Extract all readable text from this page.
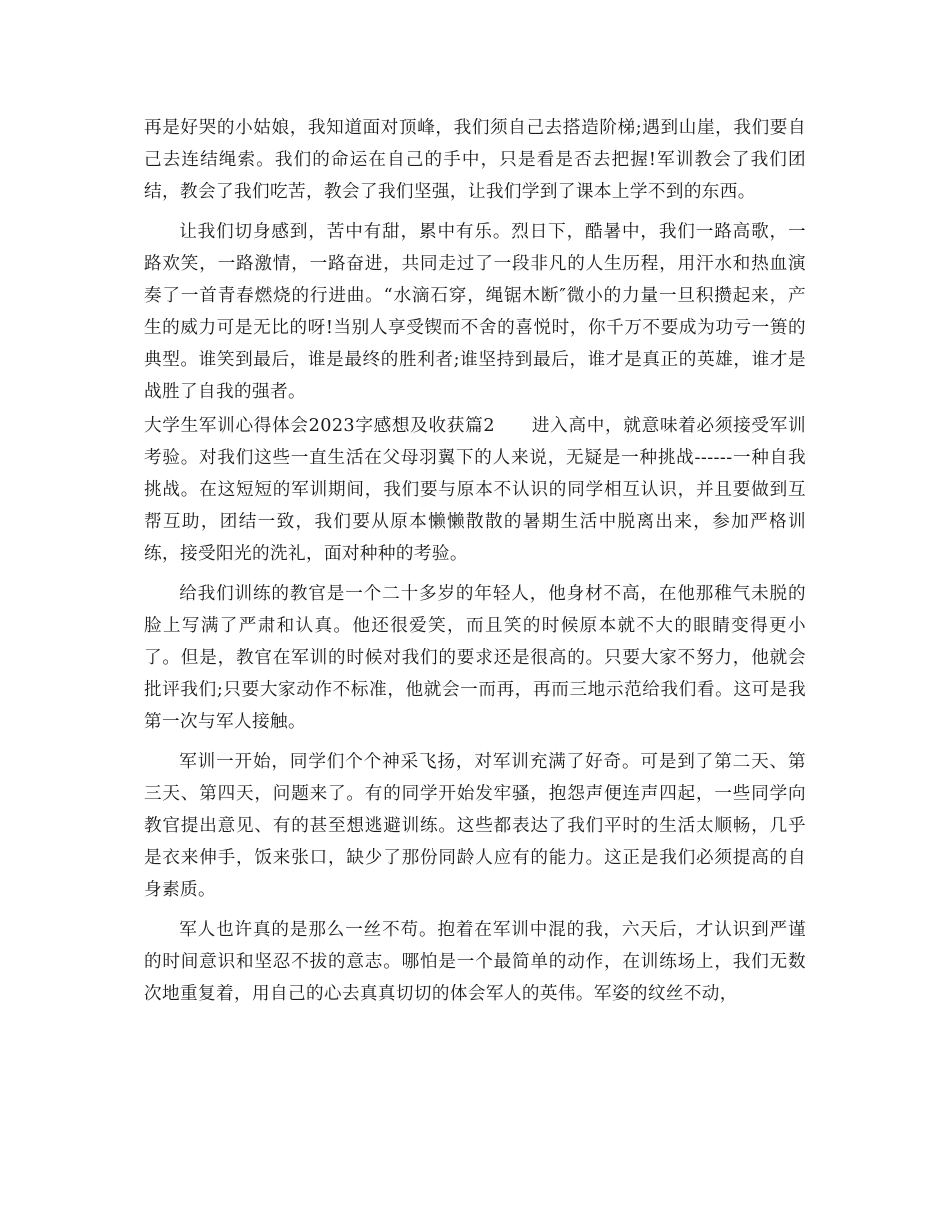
再是好哭的小姑娘，我知道面对顶峰，我们须自己去搭造阶梯;遇到山崖，我们要自己去连结绳索。我们的命运在自己的手中，只是看是否去把握!军训教会了我们团结，教会了我们吃苦，教会了我们坚强，让我们学到了课本上学不到的东西。

让我们切身感到，苦中有甜，累中有乐。烈日下，酷暑中，我们一路高歌，一路欢笑，一路激情，一路奋进，共同走过了一段非凡的人生历程，用汗水和热血演奏了一首青春燃烧的行进曲。“水滴石穿，绳锯木断″微小的力量一旦积攒起来，产生的威力可是无比的呀!当别人享受锲而不舍的喜悦时，你千万不要成为功亏一篑的典型。谁笑到最后，谁是最终的胜利者;谁坚持到最后，谁才是真正的英雄，谁才是战胜了自我的强者。

大学生军训心得体会2023字感想及收获篇2　　进入高中，就意味着必须接受军训考验。对我们这些一直生活在父母羽翼下的人来说，无疑是一种挑战------一种自我挑战。在这短短的军训期间，我们要与原本不认识的同学相互认识，并且要做到互帮互助，团结一致，我们要从原本懒懒散散的暑期生活中脱离出来，参加严格训练，接受阳光的洗礼，面对种种的考验。

给我们训练的教官是一个二十多岁的年轻人，他身材不高，在他那稚气未脱的脸上写满了严肃和认真。他还很爱笑，而且笑的时候原本就不大的眼睛变得更小了。但是，教官在军训的时候对我们的要求还是很高的。只要大家不努力，他就会批评我们;只要大家动作不标准，他就会一而再，再而三地示范给我们看。这可是我第一次与军人接触。

军训一开始，同学们个个神采飞扬，对军训充满了好奇。可是到了第二天、第三天、第四天，问题来了。有的同学开始发牢骚，抱怨声便连声四起，一些同学向教官提出意见、有的甚至想逃避训练。这些都表达了我们平时的生活太顺畅，几乎是衣来伸手，饭来张口，缺少了那份同龄人应有的能力。这正是我们必须提高的自身素质。

军人也许真的是那么一丝不苟。抱着在军训中混的我，六天后，才认识到严谨的时间意识和坚忍不拔的意志。哪怕是一个最简单的动作，在训练场上，我们无数次地重复着，用自己的心去真真切切的体会军人的英伟。军姿的纹丝不动，
